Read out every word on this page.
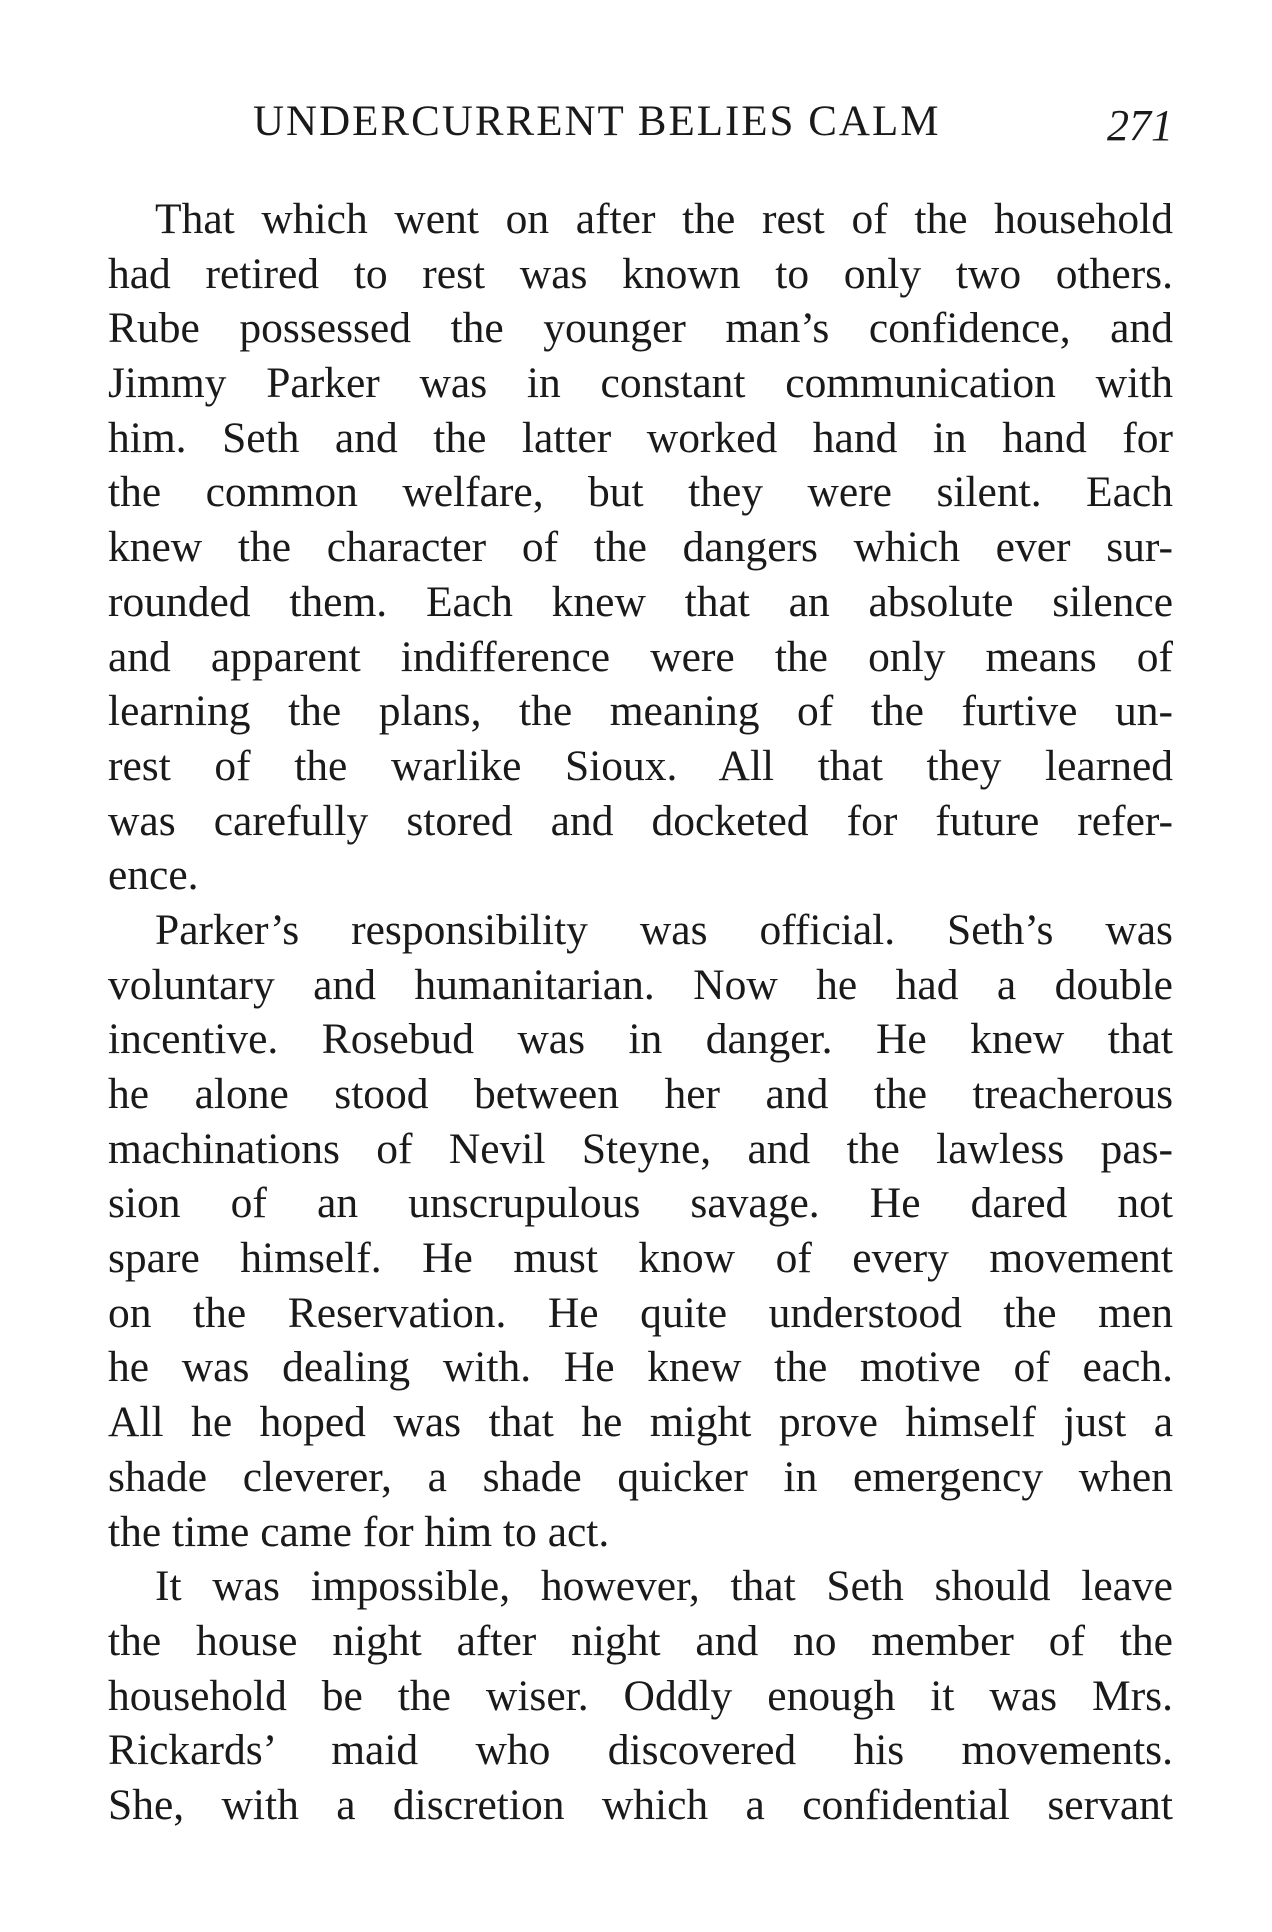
UNDERCURRENT BELIES CALM	271
That which went on after the rest of the household
had retired to rest was known to only two others.
Rube possessed the younger man’s confidence, and
Jimmy Parker was in constant communication with
him. Seth and the latter worked hand in hand for
the common welfare, but they were silent. Each
knew the character of the dangers which ever sur-
rounded them. Each knew that an absolute silence
and apparent indifference were the only means of
learning the plans, the meaning of the furtive un-
rest of the warlike Sioux. All that they learned
was carefully stored and docketed for future refer-
ence.
Parker’s responsibility was official. Seth’s was
voluntary and humanitarian. Now he had a double
incentive. Rosebud was in danger. He knew that
he alone stood between her and the treacherous
machinations of Nevil Steyne, and the lawless pas-
sion of an unscrupulous savage. He dared not
spare himself. He must know of every movement
on the Reservation. He quite understood the men
he was dealing with. He knew the motive of each.
All he hoped was that he might prove himself just a
shade cleverer, a shade quicker in emergency when
the time came for him to act.
It was impossible, however, that Seth should leave
the house night after night and no member of the
household be the wiser. Oddly enough it was Mrs.
Rickards’ maid who discovered his movements.
She, with a discretion which a confidential servant
